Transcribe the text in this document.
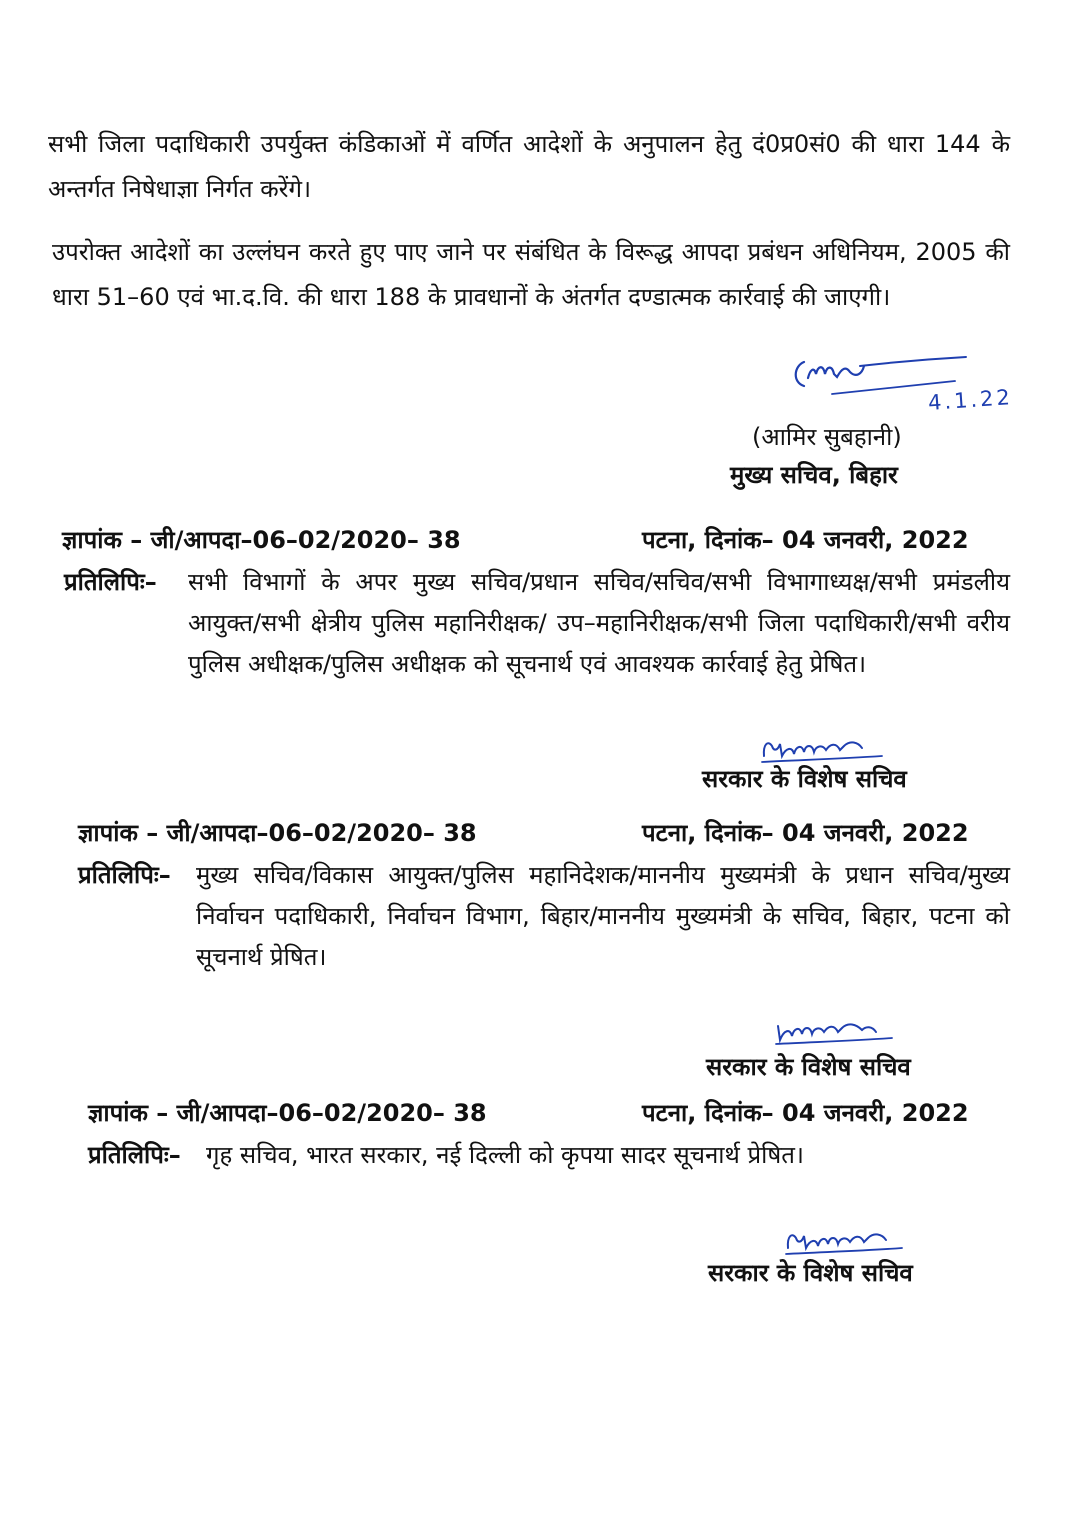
सभी जिला पदाधिकारी उपर्युक्त कंडिकाओं में वर्णित आदेशों के अनुपालन हेतु दं0प्र0सं0 की धारा 144 के अन्तर्गत निषेधाज्ञा निर्गत करेंगे।
उपरोक्त आदेशों का उल्लंघन करते हुए पाए जाने पर संबंधित के विरूद्ध आपदा प्रबंधन अधिनियम, 2005 की धारा 51–60 एवं भा.द.वि. की धारा 188 के प्रावधानों के अंतर्गत दण्डात्मक कार्रवाई की जाएगी।
4.1.22
(आमिर सुबहानी)
मुख्य सचिव, बिहार
ज्ञापांक – जी/आपदा–06–02/2020– 38	पटना, दिनांक– 04 जनवरी, 2022
प्रतिलिपिः– सभी विभागों के अपर मुख्य सचिव/प्रधान सचिव/सचिव/सभी विभागाध्यक्ष/सभी प्रमंडलीय आयुक्त/सभी क्षेत्रीय पुलिस महानिरीक्षक/ उप–महानिरीक्षक/सभी जिला पदाधिकारी/सभी वरीय पुलिस अधीक्षक/पुलिस अधीक्षक को सूचनार्थ एवं आवश्यक कार्रवाई हेतु प्रेषित।
सरकार के विशेष सचिव
ज्ञापांक – जी/आपदा–06–02/2020– 38	पटना, दिनांक– 04 जनवरी, 2022
प्रतिलिपिः– मुख्य सचिव/विकास आयुक्त/पुलिस महानिदेशक/माननीय मुख्यमंत्री के प्रधान सचिव/मुख्य निर्वाचन पदाधिकारी, निर्वाचन विभाग, बिहार/माननीय मुख्यमंत्री के सचिव, बिहार, पटना को सूचनार्थ प्रेषित।
सरकार के विशेष सचिव
ज्ञापांक – जी/आपदा–06–02/2020– 38	पटना, दिनांक– 04 जनवरी, 2022
प्रतिलिपिः– गृह सचिव, भारत सरकार, नई दिल्ली को कृपया सादर सूचनार्थ प्रेषित।
सरकार के विशेष सचिव
